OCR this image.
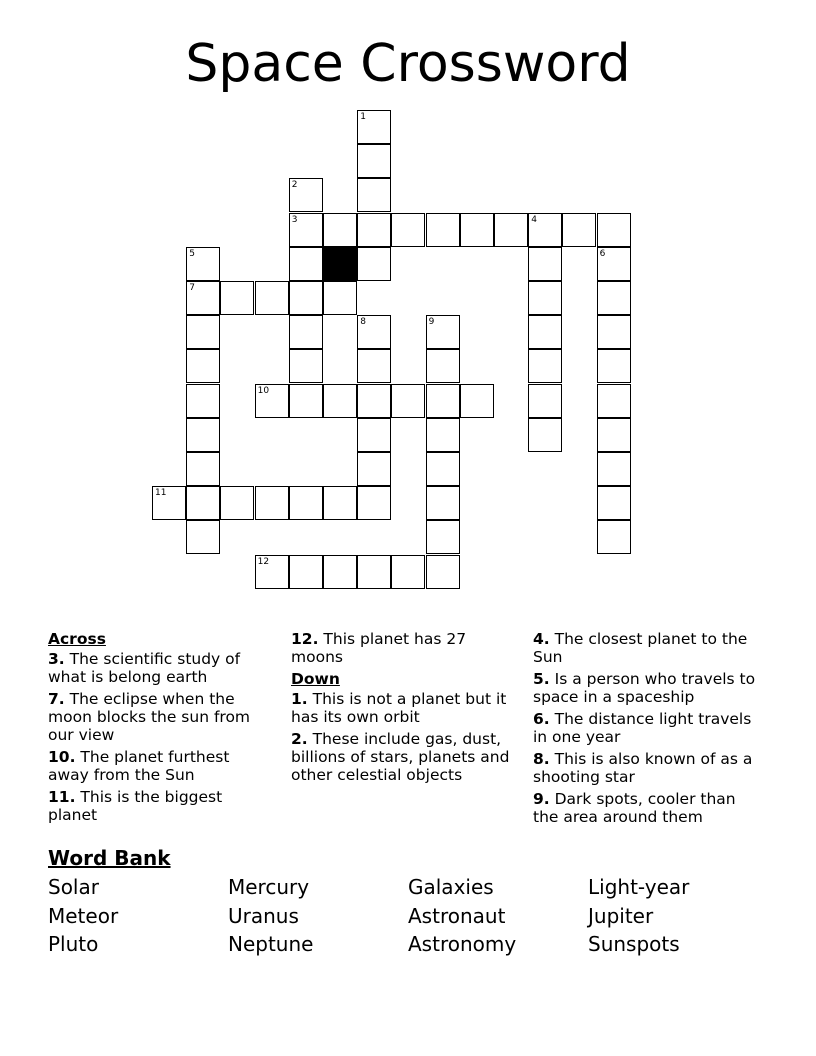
Space Crossword
1
2
3	4
5
7
6
8	9
10
11
12
Across
3. The scientific study of what is belong earth
7. The eclipse when the moon blocks the sun from our view
10. The planet furthest away from the Sun
11. This is the biggest planet
12. This planet has 27 moons
Down
1. This is not a planet but it has its own orbit
2. These include gas, dust, billions of stars, planets and other celestial objects
4. The closest planet to the Sun
5. Is a person who travels to space in a spaceship
6. The distance light travels in one year
8. This is also known of as a shooting star
9. Dark spots, cooler than the area around them
Word Bank
Solar	Mercury	Galaxies	Light-year
Meteor	Uranus	Astronaut	Jupiter
Pluto	Neptune	Astronomy	Sunspots
